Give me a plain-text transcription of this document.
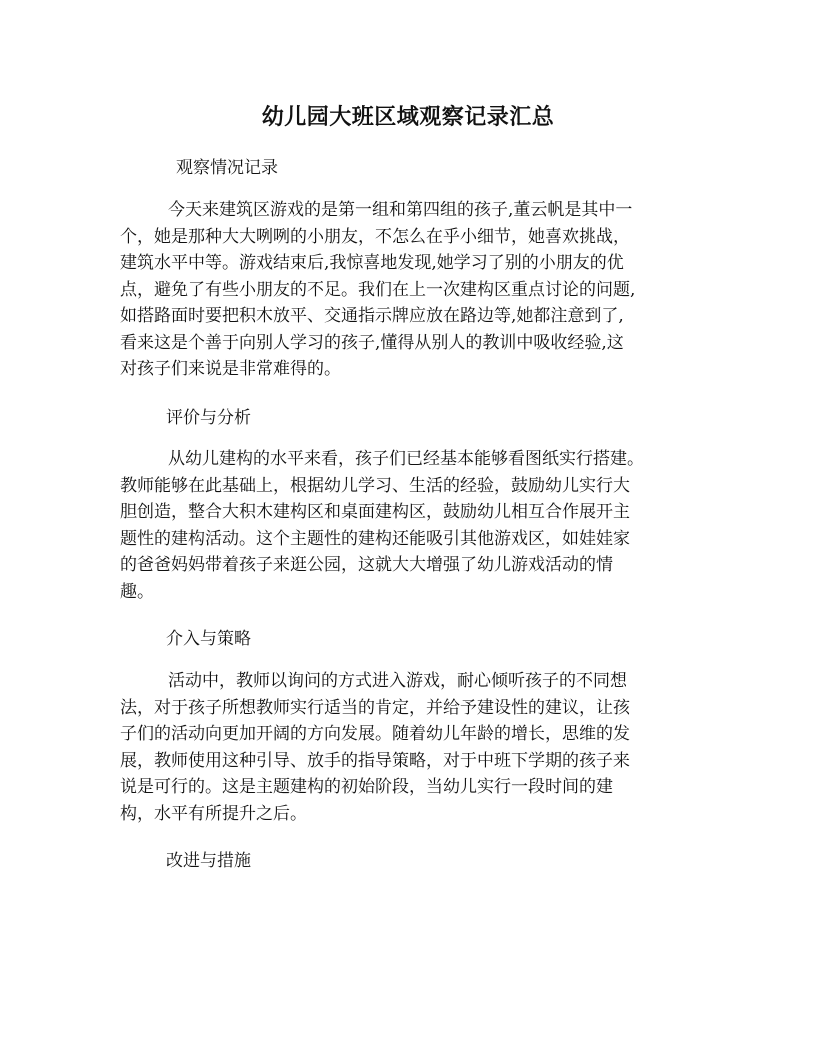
幼儿园大班区域观察记录汇总
观察情况记录
今天来建筑区游戏的是第一组和第四组的孩子,董云帆是其中一
个，她是那种大大咧咧的小朋友，不怎么在乎小细节，她喜欢挑战，
建筑水平中等。游戏结束后,我惊喜地发现,她学习了别的小朋友的优
点，避免了有些小朋友的不足。我们在上一次建构区重点讨论的问题,
如搭路面时要把积木放平、交通指示牌应放在路边等,她都注意到了,
看来这是个善于向别人学习的孩子,懂得从别人的教训中吸收经验,这
对孩子们来说是非常难得的。
评价与分析
从幼儿建构的水平来看，孩子们已经基本能够看图纸实行搭建。
教师能够在此基础上，根据幼儿学习、生活的经验，鼓励幼儿实行大
胆创造，整合大积木建构区和桌面建构区，鼓励幼儿相互合作展开主
题性的建构活动。这个主题性的建构还能吸引其他游戏区，如娃娃家
的爸爸妈妈带着孩子来逛公园，这就大大增强了幼儿游戏活动的情
趣。
介入与策略
活动中，教师以询问的方式进入游戏，耐心倾听孩子的不同想
法，对于孩子所想教师实行适当的肯定，并给予建设性的建议，让孩
子们的活动向更加开阔的方向发展。随着幼儿年龄的增长，思维的发
展，教师使用这种引导、放手的指导策略，对于中班下学期的孩子来
说是可行的。这是主题建构的初始阶段，当幼儿实行一段时间的建
构，水平有所提升之后。
改进与措施
